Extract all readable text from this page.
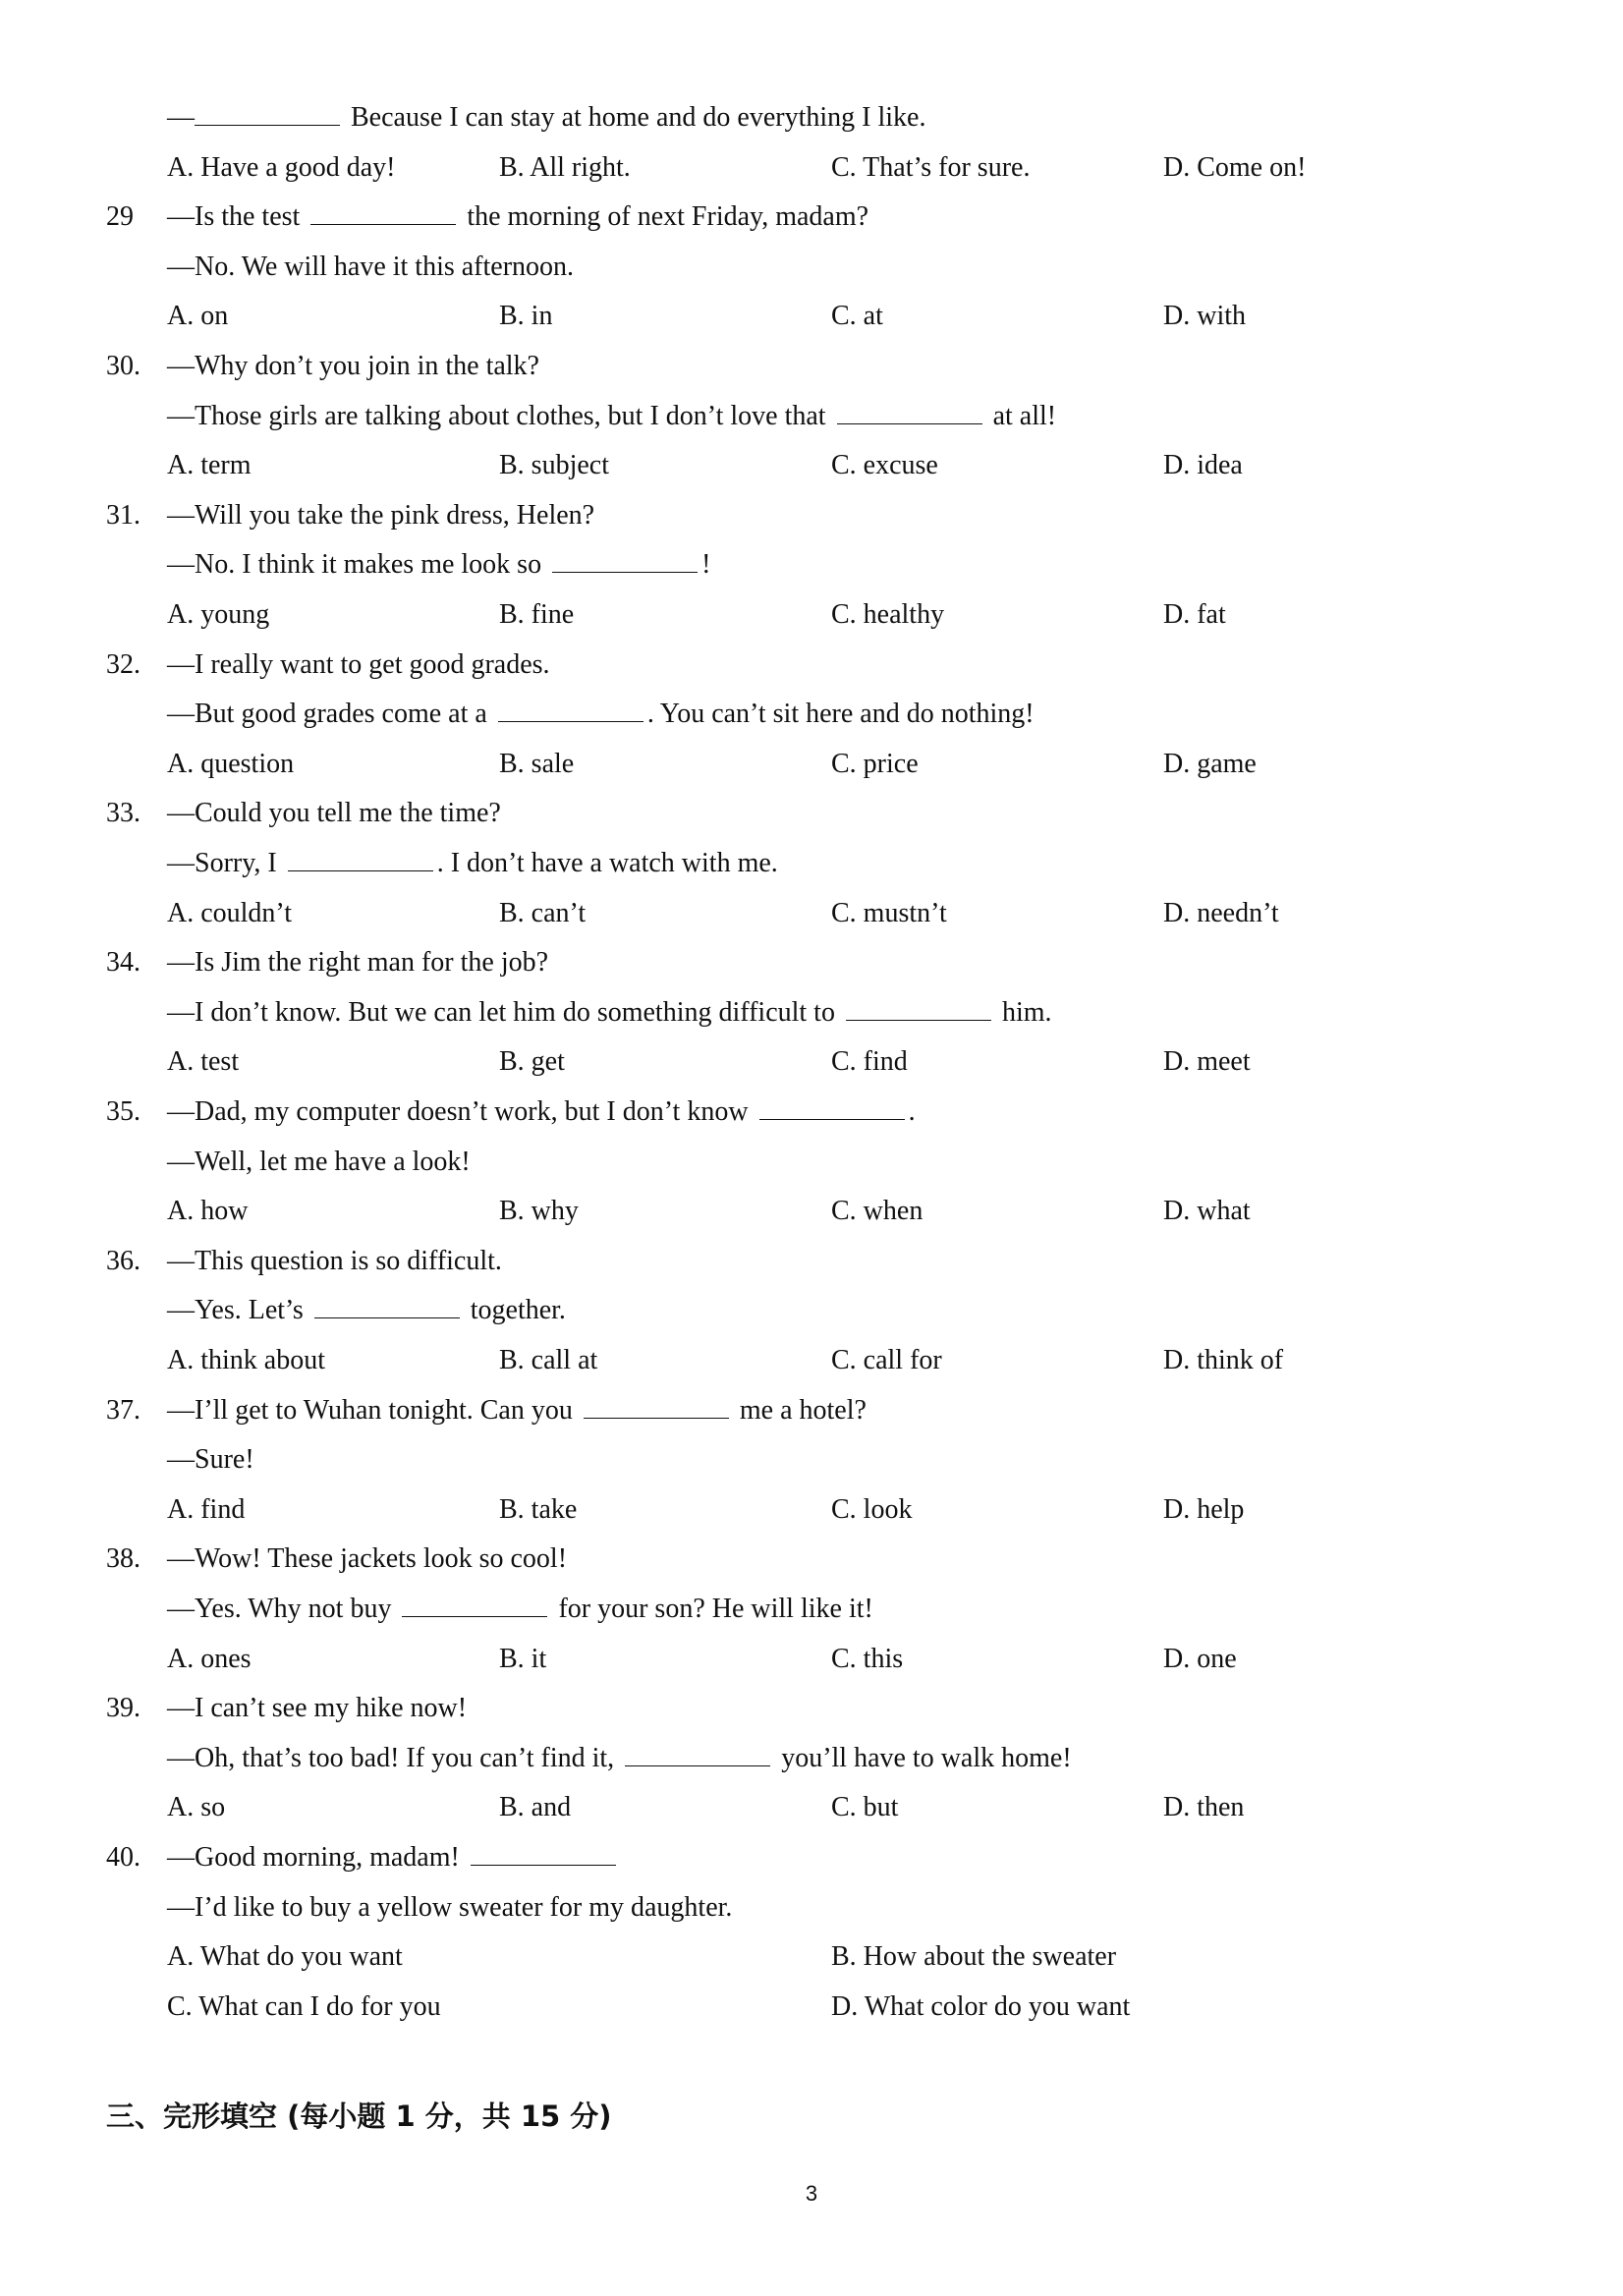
—	Because I can stay at home and do everything I like.
A. Have a good day!	B. All right.	C. That’s for sure.	D. Come on!
29 —Is the test	the morning of next Friday, madam?
—No. We will have it this afternoon.
A. on	B. in	C. at	D. with
30. —Why don’t you join in the talk?
—Those girls are talking about clothes, but I don’t love that	at all!
A. term	B. subject	C. excuse	D. idea
31. —Will you take the pink dress, Helen?
—No. I think it makes me look so	!
A. young	B. fine	C. healthy	D. fat
32. —I really want to get good grades.
—But good grades come at a	. You can’t sit here and do nothing!
A. question	B. sale	C. price	D. game
33. —Could you tell me the time?
—Sorry, I	. I don’t have a watch with me.
A. couldn’t	B. can’t	C. mustn’t	D. needn’t
34. —Is Jim the right man for the job?
—I don’t know. But we can let him do something difficult to	him.
A. test	B. get	C. find	D. meet
35. —Dad, my computer doesn’t work, but I don’t know	.
—Well, let me have a look!
A. how	B. why	C. when	D. what
36. —This question is so difficult.
—Yes. Let’s	together.
A. think about	B. call at	C. call for	D. think of
37. —I’ll get to Wuhan tonight. Can you	me a hotel?
—Sure!
A. find	B. take	C. look	D. help
38. —Wow! These jackets look so cool!
—Yes. Why not buy	for your son? He will like it!
A. ones	B. it	C. this	D. one
39. —I can’t see my hike now!
—Oh, that’s too bad! If you can’t find it,	you’ll have to walk home!
A. so	B. and	C. but	D. then
40. —Good morning, madam!
—I’d like to buy a yellow sweater for my daughter.
A. What do you want	B. How about the sweater
C. What can I do for you	D. What color do you want
三、完形填空 (每小题 1 分，共 15 分)
3
